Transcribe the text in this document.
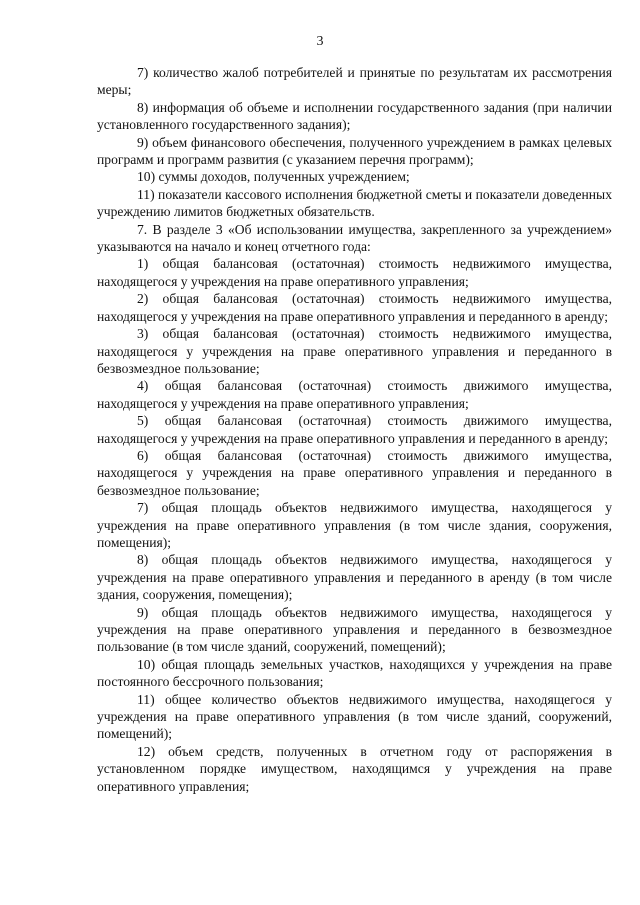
3

7) количество жалоб потребителей и принятые по результатам их рассмотрения меры;

8) информация об объеме и исполнении государственного задания (при наличии установленного государственного задания);

9) объем финансового обеспечения, полученного учреждением в рамках целевых программ и программ развития (с указанием перечня программ);

10) суммы доходов, полученных учреждением;

11) показатели кассового исполнения бюджетной сметы и показатели доведенных учреждению лимитов бюджетных обязательств.

7. В разделе 3 «Об использовании имущества, закрепленного за учреждением» указываются на начало и конец отчетного года:

1) общая балансовая (остаточная) стоимость недвижимого имущества, находящегося у учреждения на праве оперативного управления;

2) общая балансовая (остаточная) стоимость недвижимого имущества, находящегося у учреждения на праве оперативного управления и переданного в аренду;

3) общая балансовая (остаточная) стоимость недвижимого имущества, находящегося у учреждения на праве оперативного управления и переданного в безвозмездное пользование;

4) общая балансовая (остаточная) стоимость движимого имущества, находящегося у учреждения на праве оперативного управления;

5) общая балансовая (остаточная) стоимость движимого имущества, находящегося у учреждения на праве оперативного управления и переданного в аренду;

6) общая балансовая (остаточная) стоимость движимого имущества, находящегося у учреждения на праве оперативного управления и переданного в безвозмездное пользование;

7) общая площадь объектов недвижимого имущества, находящегося у учреждения на праве оперативного управления (в том числе здания, сооружения, помещения);

8) общая площадь объектов недвижимого имущества, находящегося у учреждения на праве оперативного управления и переданного в аренду (в том числе здания, сооружения, помещения);

9) общая площадь объектов недвижимого имущества, находящегося у учреждения на праве оперативного управления и переданного в безвозмездное пользование (в том числе зданий, сооружений, помещений);

10) общая площадь земельных участков, находящихся у учреждения на праве постоянного бессрочного пользования;

11) общее количество объектов недвижимого имущества, находящегося у учреждения на праве оперативного управления (в том числе зданий, сооружений, помещений);

12) объем средств, полученных в отчетном году от распоряжения в установленном порядке имуществом, находящимся у учреждения на праве оперативного управления;
